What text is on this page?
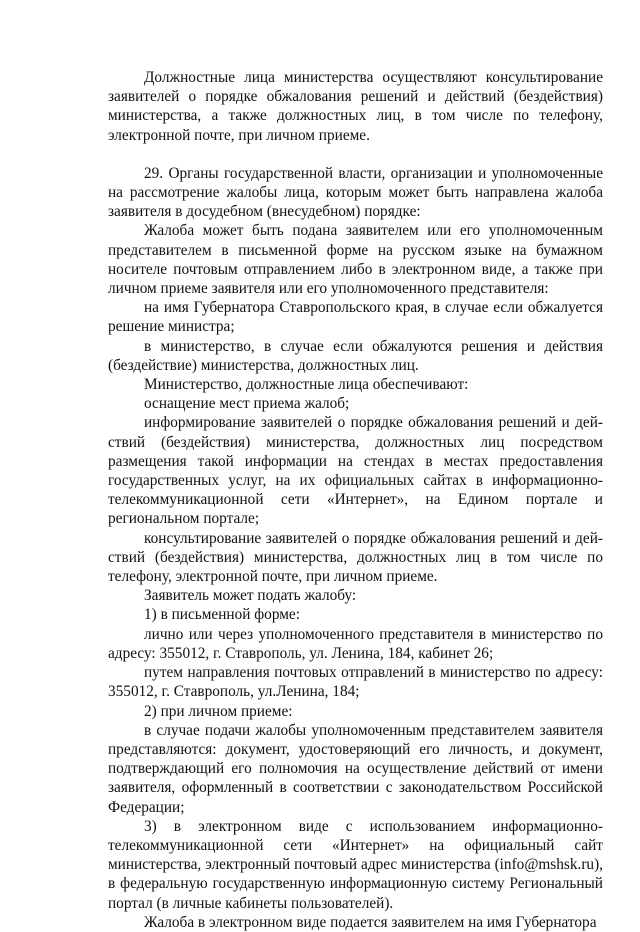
Должностные лица министерства осуществляют консультирование заявителей о порядке обжалования решений и действий (бездействия) министерства, а также должностных лиц, в том числе по телефону, электронной почте, при личном приеме.

29. Органы государственной власти, организации и уполномоченные на рассмотрение жалобы лица, которым может быть направлена жалоба заявителя в досудебном (внесудебном) порядке:

Жалоба может быть подана заявителем или его уполномоченным представителем в письменной форме на русском языке на бумажном носителе почтовым отправлением либо в электронном виде, а также при личном приеме заявителя или его уполномоченного представителя:

на имя Губернатора Ставропольского края, в случае если обжалуется решение министра;

в министерство, в случае если обжалуются решения и действия (бездействие) министерства, должностных лиц.

Министерство, должностные лица обеспечивают:

оснащение мест приема жалоб;

информирование заявителей о порядке обжалования решений и действий (бездействия) министерства, должностных лиц посредством размещения такой информации на стендах в местах предоставления государственных услуг, на их официальных сайтах в информационно-телекоммуникационной сети «Интернет», на Едином портале и региональном портале;

консультирование заявителей о порядке обжалования решений и действий (бездействия) министерства, должностных лиц в том числе по телефону, электронной почте, при личном приеме.

Заявитель может подать жалобу:

1) в письменной форме:

лично или через уполномоченного представителя в министерство по адресу: 355012, г. Ставрополь, ул. Ленина, 184, кабинет 26;

путем направления почтовых отправлений в министерство по адресу: 355012, г. Ставрополь, ул.Ленина, 184;

2) при личном приеме:

в случае подачи жалобы уполномоченным представителем заявителя представляются: документ, удостоверяющий его личность, и документ, подтверждающий его полномочия на осуществление действий от имени заявителя, оформленный в соответствии с законодательством Российской Федерации;

3) в электронном виде с использованием информационно-телекоммуникационной сети «Интернет» на официальный сайт министерства, электронный почтовый адрес министерства (info@mshsk.ru), в федеральную государственную информационную систему Региональный портал (в личные кабинеты пользователей).

Жалоба в электронном виде подается заявителем на имя Губернатора
